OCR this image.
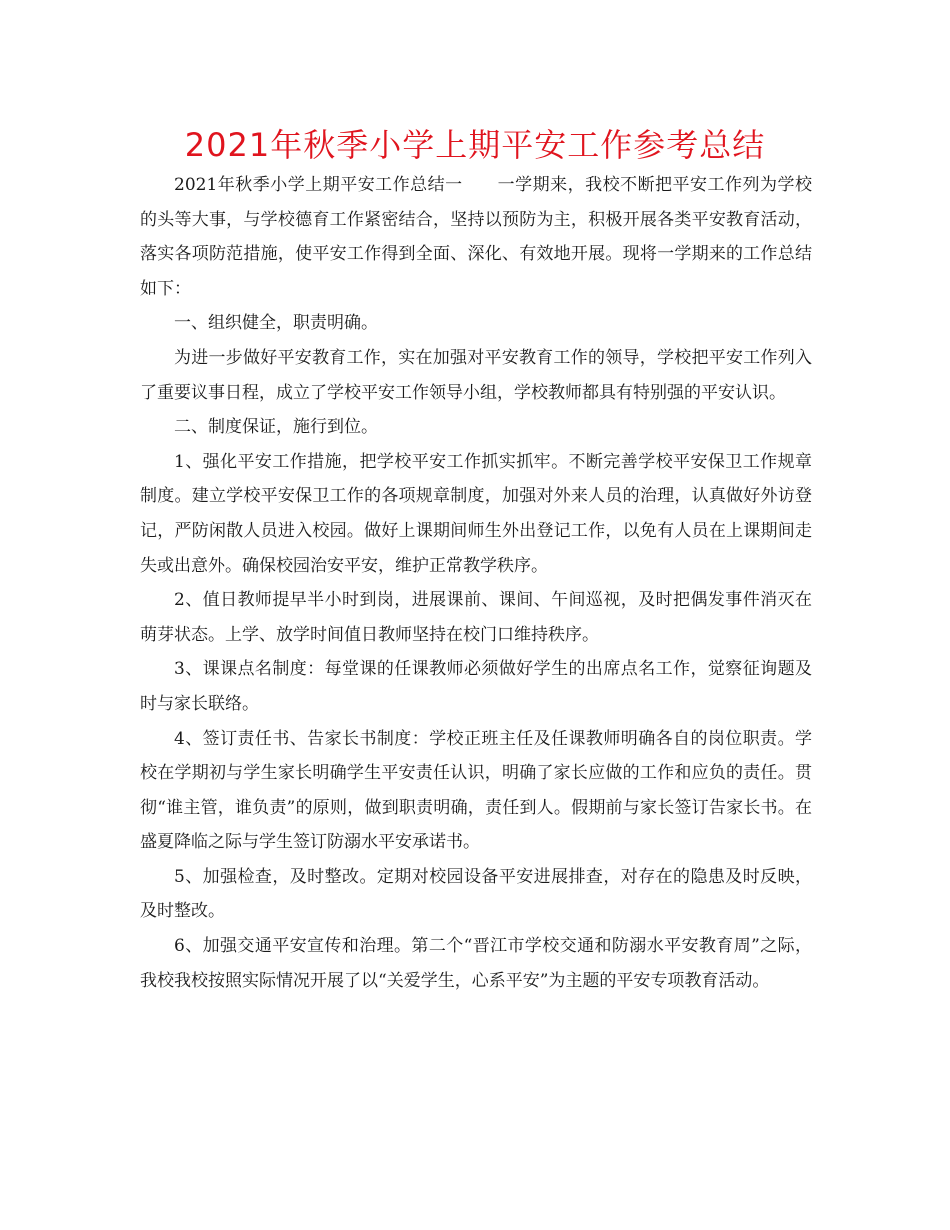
2021年秋季小学上期平安工作参考总结

2021年秋季小学上期平安工作总结一　　一学期来，我校不断把平安工作列为学校的头等大事，与学校德育工作紧密结合，坚持以预防为主，积极开展各类平安教育活动，落实各项防范措施，使平安工作得到全面、深化、有效地开展。现将一学期来的工作总结如下：

一、组织健全，职责明确。

为进一步做好平安教育工作，实在加强对平安教育工作的领导，学校把平安工作列入了重要议事日程，成立了学校平安工作领导小组，学校教师都具有特别强的平安认识。

二、制度保证，施行到位。

1、强化平安工作措施，把学校平安工作抓实抓牢。不断完善学校平安保卫工作规章制度。建立学校平安保卫工作的各项规章制度，加强对外来人员的治理，认真做好外访登记，严防闲散人员进入校园。做好上课期间师生外出登记工作，以免有人员在上课期间走失或出意外。确保校园治安平安，维护正常教学秩序。

2、值日教师提早半小时到岗，进展课前、课间、午间巡视，及时把偶发事件消灭在萌芽状态。上学、放学时间值日教师坚持在校门口维持秩序。

3、课课点名制度：每堂课的任课教师必须做好学生的出席点名工作，觉察征询题及时与家长联络。

4、签订责任书、告家长书制度：学校正班主任及任课教师明确各自的岗位职责。学校在学期初与学生家长明确学生平安责任认识，明确了家长应做的工作和应负的责任。贯彻“谁主管，谁负责”的原则，做到职责明确，责任到人。假期前与家长签订告家长书。在盛夏降临之际与学生签订防溺水平安承诺书。

5、加强检查，及时整改。定期对校园设备平安进展排查，对存在的隐患及时反映，及时整改。

6、加强交通平安宣传和治理。第二个“晋江市学校交通和防溺水平安教育周”之际，我校我校按照实际情况开展了以“关爱学生，心系平安”为主题的平安专项教育活动。
